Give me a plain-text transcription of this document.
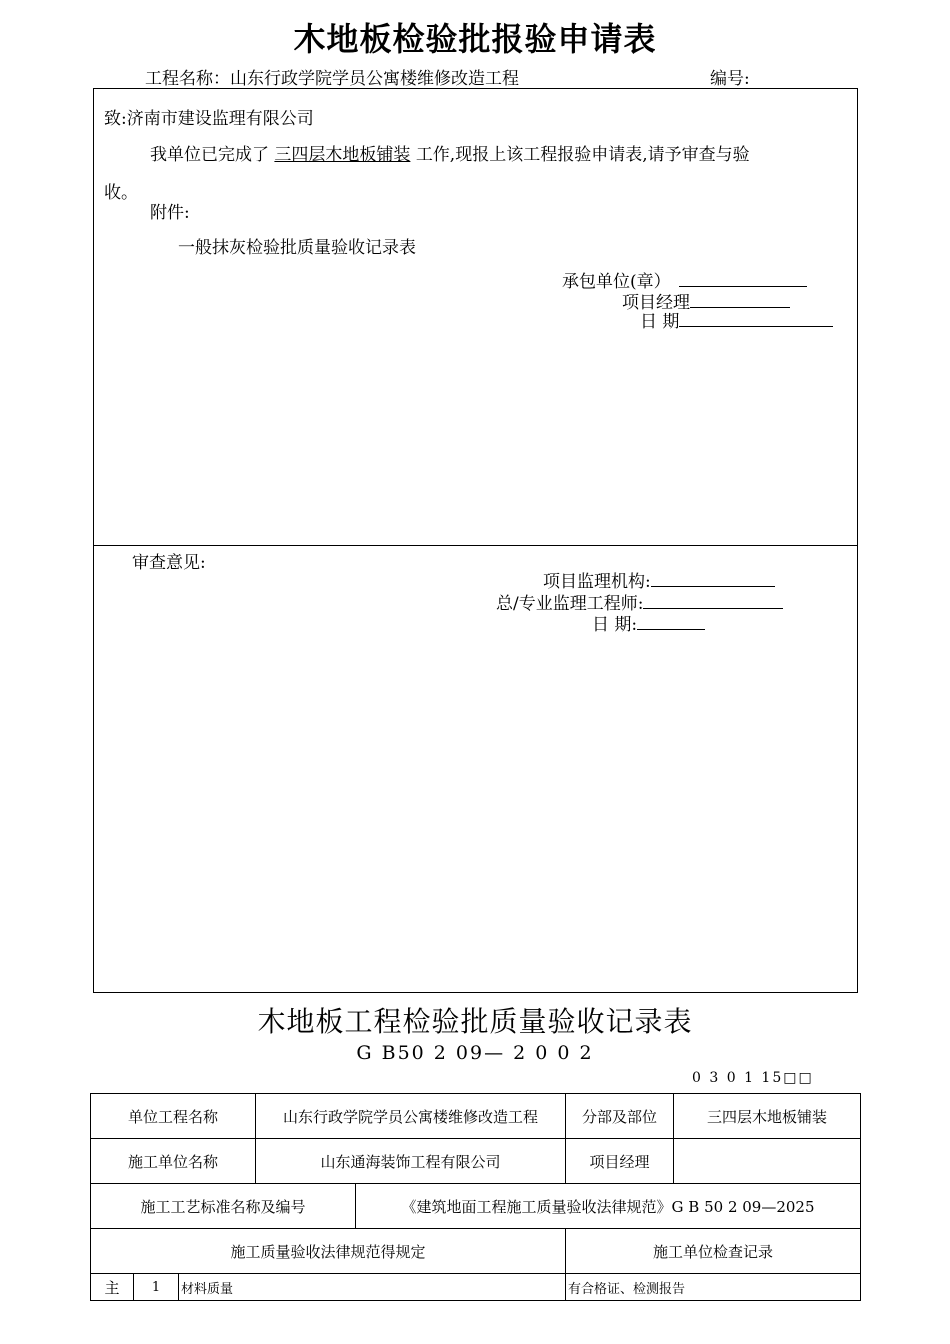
木地板检验批报验申请表
工程名称：山东行政学院学员公寓楼维修改造工程	编号:
致:济南市建设监理有限公司
我单位已完成了 三四层木地板铺装 工作,现报上该工程报验申请表,请予审查与验
收。
附件:
一般抹灰检验批质量验收记录表
承包单位(章）
项目经理
日 期
审查意见:
项目监理机构:
总/专业监理工程师:
日 期:
木地板工程检验批质量验收记录表
G B50 2 09— 2 0 0 2
0 3 0 1 15□□
单位工程名称			山东行政学院学员公寓楼维修改造工程		分部及部位	三四层木地板铺装
施工单位名称			山东通海装饰工程有限公司		项目经理	
施工工艺标准名称及编号				《建筑地面工程施工质量验收法律规范》G B 50 2 09—2025		
施工质量验收法律规范得规定					施工单位检查记录	
主	1	材料质量			有合格证、检测报告	
